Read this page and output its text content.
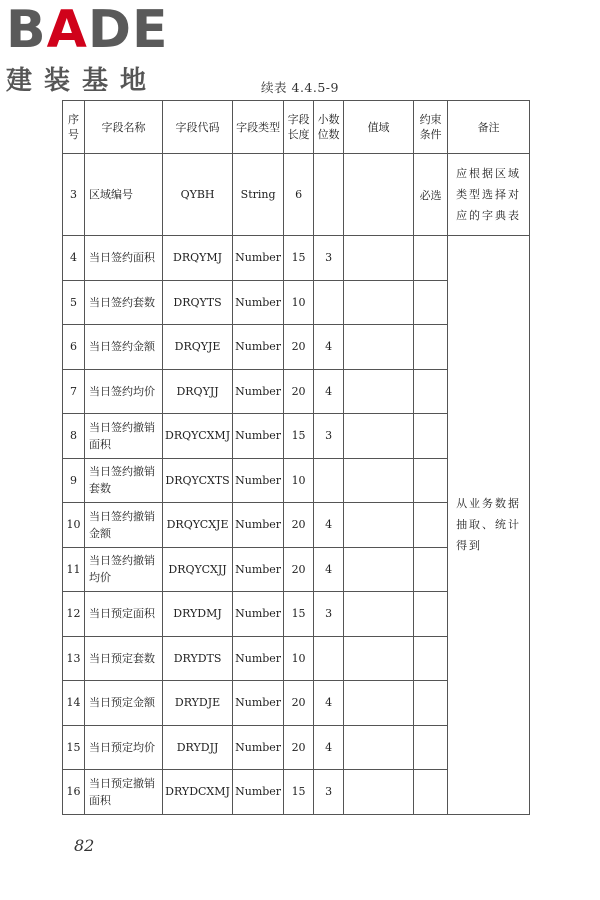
BADE
建装基地	续表 4.4.5-9
序号	字段名称	字段代码	字段类型	字段长度	小数位数	值域	约束条件	备注
3	区域编号	QYBH	String	6			必选	应根据区域类型选择对应的字典表
4	当日签约面积	DRQYMJ	Number	15	3			从业务数据抽取、统计得到
5	当日签约套数	DRQYTS	Number	10				
6	当日签约金额	DRQYJE	Number	20	4			
7	当日签约均价	DRQYJJ	Number	20	4			
8	当日签约撤销面积	DRQYCXMJ	Number	15	3			
9	当日签约撤销套数	DRQYCXTS	Number	10				
10	当日签约撤销金额	DRQYCXJE	Number	20	4			
11	当日签约撤销均价	DRQYCXJJ	Number	20	4			
12	当日预定面积	DRYDMJ	Number	15	3			
13	当日预定套数	DRYDTS	Number	10				
14	当日预定金额	DRYDJE	Number	20	4			
15	当日预定均价	DRYDJJ	Number	20	4			
16	当日预定撤销面积	DRYDCXMJ	Number	15	3			
82
